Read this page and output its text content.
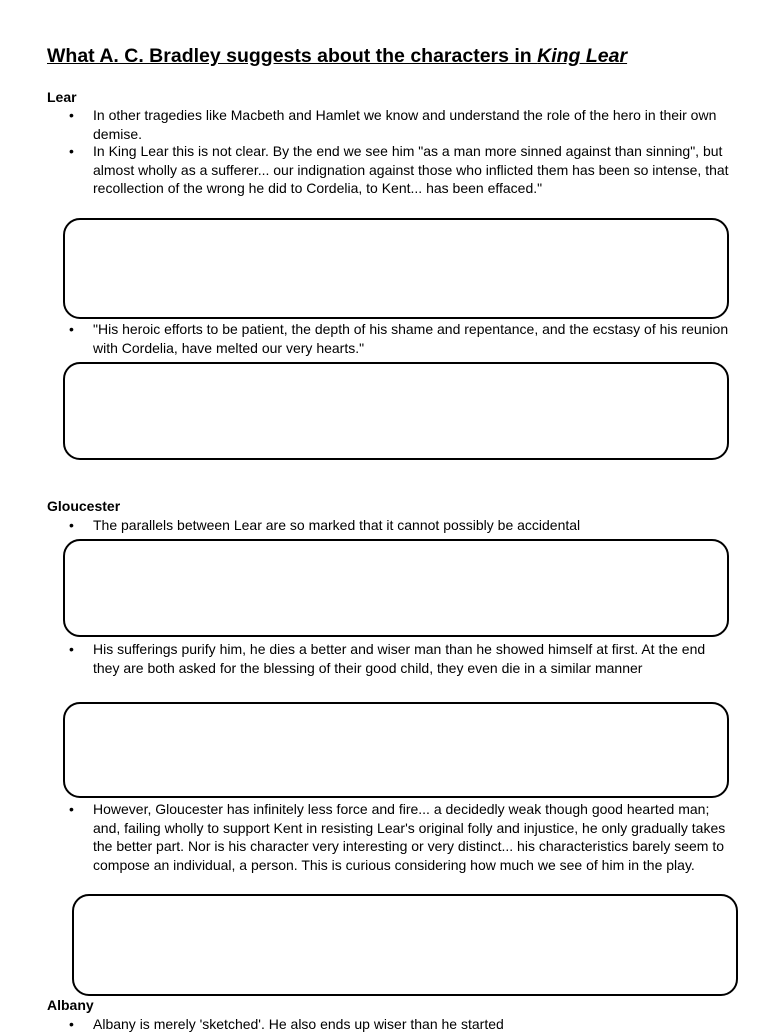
What A. C. Bradley suggests about the characters in King Lear
Lear

• In other tragedies like Macbeth and Hamlet we know and understand the role of the hero in their own demise.

• In King Lear this is not clear. By the end we see him "as a man more sinned against than sinning", but almost wholly as a sufferer... our indignation against those who inflicted them has been so intense, that recollection of the wrong he did to Cordelia, to Kent... has been effaced."

• "His heroic efforts to be patient, the depth of his shame and repentance, and the ecstasy of his reunion with Cordelia, have melted our very hearts."

Gloucester

• The parallels between Lear are so marked that it cannot possibly be accidental

• His sufferings purify him, he dies a better and wiser man than he showed himself at first. At the end they are both asked for the blessing of their good child, they even die in a similar manner

• However, Gloucester has infinitely less force and fire... a decidedly weak though good hearted man; and, failing wholly to support Kent in resisting Lear's original folly and injustice, he only gradually takes the better part. Nor is his character very interesting or very distinct... his characteristics barely seem to compose an individual, a person. This is curious considering how much we see of him in the play.

Albany

• Albany is merely 'sketched'. He also ends up wiser than he started
